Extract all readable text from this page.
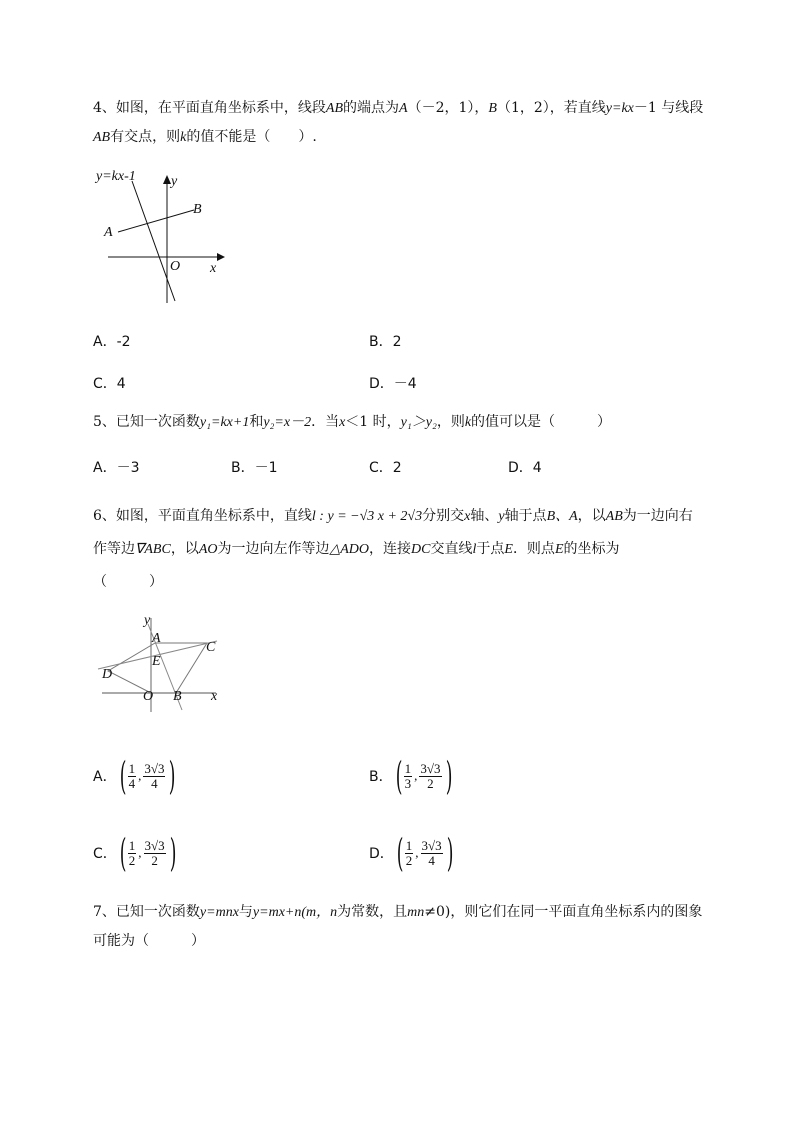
4、如图，在平面直角坐标系中，线段AB的端点为A（－2，1），B（1，2），若直线y=kx－1 与线段
AB有交点，则k的值不能是（　　）.
y=kx-1	y
x
O
A
B
A．-2	B．2
C．4	D．－4
5、已知一次函数y₁=kx+1和y₂=x－2．当x＜1 时，y₁＞y₂，则k的值可以是（　　　）
A．－3	B．－1	C．2	D．4
6、如图，平面直角坐标系中，直线l : y = −√3 x + 2√3分别交x轴、y轴于点B、A，以AB为一边向右
作等边∇ABC，以AO为一边向左作等边△ADO，连接DC交直线l于点E．则点E的坐标为
（　　　）
y
x
A
C
E
D
O B
A． ( $\frac{1}{4}$ , $\frac{3√3}{4}$ )	B． ( $\frac{1}{3}$ , $\frac{3√3}{2}$ )
C． ( $\frac{1}{2}$ , $\frac{3√3}{2}$ )	D． ( $\frac{1}{2}$ , $\frac{3√3}{4}$ )
7、已知一次函数y=mnx与y=mx+n(m，n为常数，且mn≠0)，则它们在同一平面直角坐标系内的图象
可能为（　　　）
